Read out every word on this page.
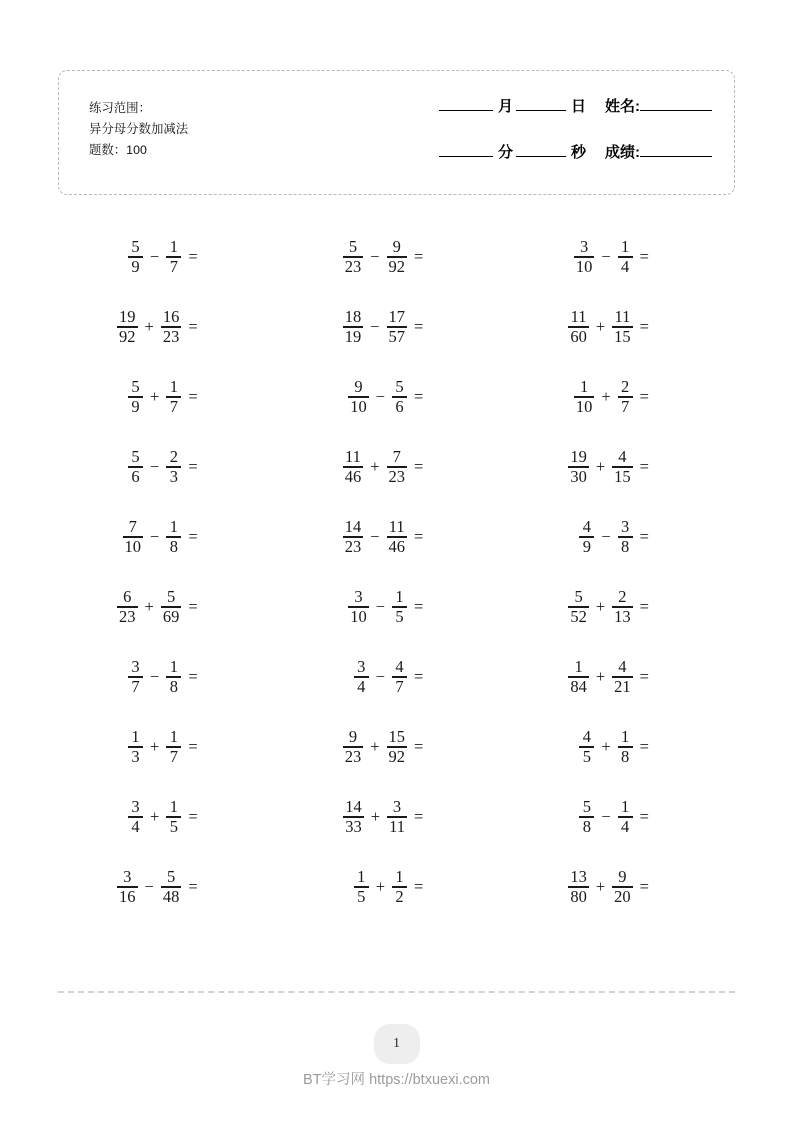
练习范围：
异分母分数加减法
题数：100
月	日	姓名:
分	秒	成绩:
$\frac{5}{9} - \frac{1}{7}$ =	$\frac{5}{23} - \frac{9}{92}$ =	$\frac{3}{10} - \frac{1}{4}$ =
$\frac{19}{92} + \frac{16}{23}$ =	$\frac{18}{19} - \frac{17}{57}$ =	$\frac{11}{60} + \frac{11}{15}$ =
$\frac{5}{9} + \frac{1}{7}$ =	$\frac{9}{10} - \frac{5}{6}$ =	$\frac{1}{10} + \frac{2}{7}$ =
$\frac{5}{6} - \frac{2}{3}$ =	$\frac{11}{46} + \frac{7}{23}$ =	$\frac{19}{30} + \frac{4}{15}$ =
$\frac{7}{10} - \frac{1}{8}$ =	$\frac{14}{23} - \frac{11}{46}$ =	$\frac{4}{9} - \frac{3}{8}$ =
$\frac{6}{23} + \frac{5}{69}$ =	$\frac{3}{10} - \frac{1}{5}$ =	$\frac{5}{52} + \frac{2}{13}$ =
$\frac{3}{7} - \frac{1}{8}$ =	$\frac{3}{4} - \frac{4}{7}$ =	$\frac{1}{84} + \frac{4}{21}$ =
$\frac{1}{3} + \frac{1}{7}$ =	$\frac{9}{23} + \frac{15}{92}$ =	$\frac{4}{5} + \frac{1}{8}$ =
$\frac{3}{4} + \frac{1}{5}$ =	$\frac{14}{33} + \frac{3}{11}$ =	$\frac{5}{8} - \frac{1}{4}$ =
$\frac{3}{16} - \frac{5}{48}$ =	$\frac{1}{5} + \frac{1}{2}$ =	$\frac{13}{80} + \frac{9}{20}$ =
1
BT学习网 https://btxuexi.com
